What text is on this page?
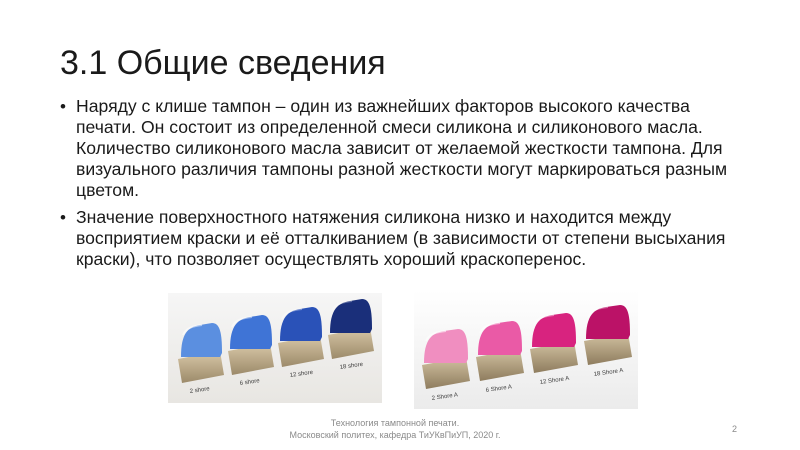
3.1 Общие сведения
• Наряду с клише тампон – один из важнейших факторов высокого качества печати. Он состоит из определенной смеси силикона и силиконового масла. Количество силиконового масла зависит от желаемой жесткости тампона. Для визуального различия тампоны разной жесткости могут маркироваться разным цветом.
• Значение поверхностного натяжения силикона низко и находится между восприятием краски и её отталкиванием (в зависимости от степени высыхания краски), что позволяет осуществлять хороший краскоперенос.
2 shore
6 shore
12 shore
18 shore
2 Shore A
6 Shore A
12 Shore A
18 Shore A
Технология тампонной печати.
Московский политех, кафедра ТиУКвПиУП, 2020 г.
2
